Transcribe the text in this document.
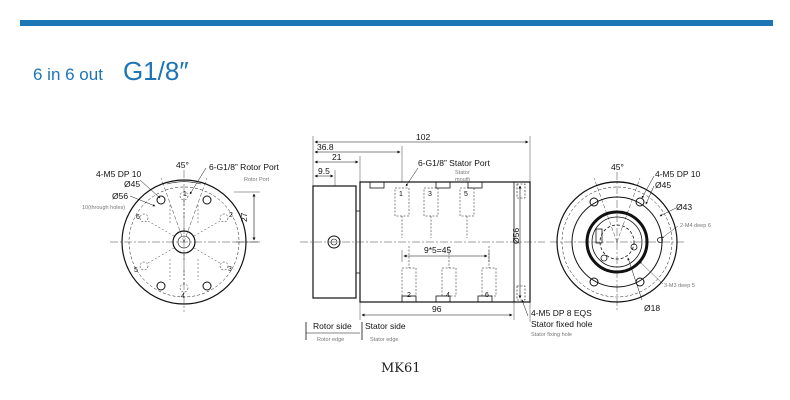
6 in 6 out G1/8″
45°
4-M5 DP 10
Ø45
Ø56
10(through holes)
6-G1/8” Rotor Port
Rotor Port
27
1
2
3
4
5
6
102
36.8
21
9.5
6-G1/8” Stator Port
Stator mouth
1	3	5
9*5=45
Ø56
2	4	6
96	4-M5 DP 8 EQS
Stator fixed hole
Stator fixing hole
Rotor side
Rotor edge
Stator side
Stator edge
45°
4-M5 DP 10
Ø45
Ø43
2-M4 deep 6
3-M3 deep 5
Ø18
MK61
